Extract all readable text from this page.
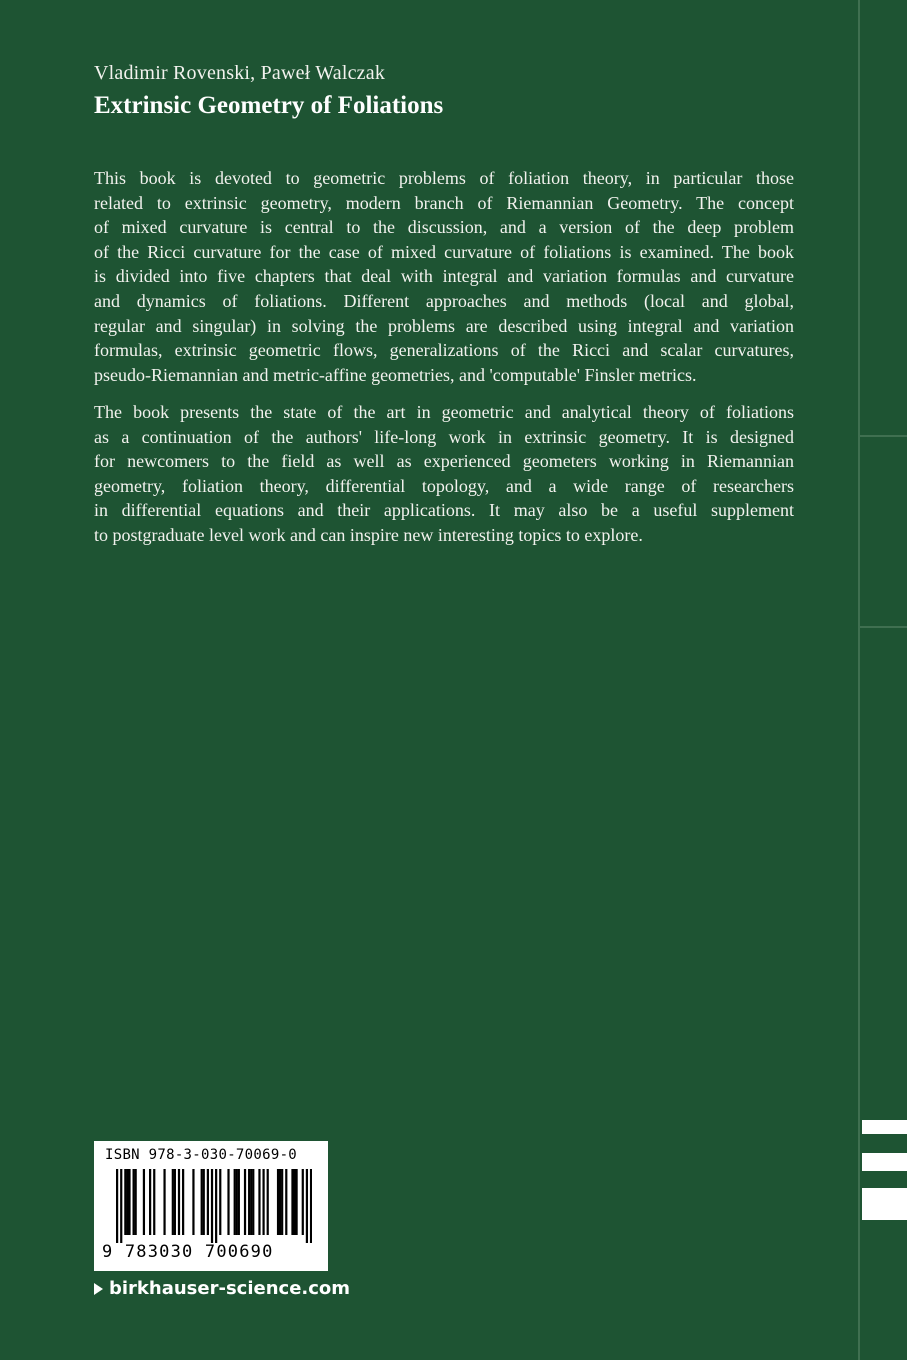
Vladimir Rovenski, Paweł Walczak
Extrinsic Geometry of Foliations

This book is devoted to geometric problems of foliation theory, in particular those
related to extrinsic geometry, modern branch of Riemannian Geometry. The concept
of mixed curvature is central to the discussion, and a version of the deep problem
of the Ricci curvature for the case of mixed curvature of foliations is examined. The book
is divided into five chapters that deal with integral and variation formulas and curvature
and dynamics of foliations. Different approaches and methods (local and global,
regular and singular) in solving the problems are described using integral and variation
formulas, extrinsic geometric flows, generalizations of the Ricci and scalar curvatures,
pseudo-Riemannian and metric-affine geometries, and 'computable' Finsler metrics.

The book presents the state of the art in geometric and analytical theory of foliations
as a continuation of the authors' life-long work in extrinsic geometry. It is designed
for newcomers to the field as well as experienced geometers working in Riemannian
geometry, foliation theory, differential topology, and a wide range of researchers
in differential equations and their applications. It may also be a useful supplement
to postgraduate level work and can inspire new interesting topics to explore.

ISBN 978-3-030-70069-0
9 783030 700690
birkhauser-science.com
